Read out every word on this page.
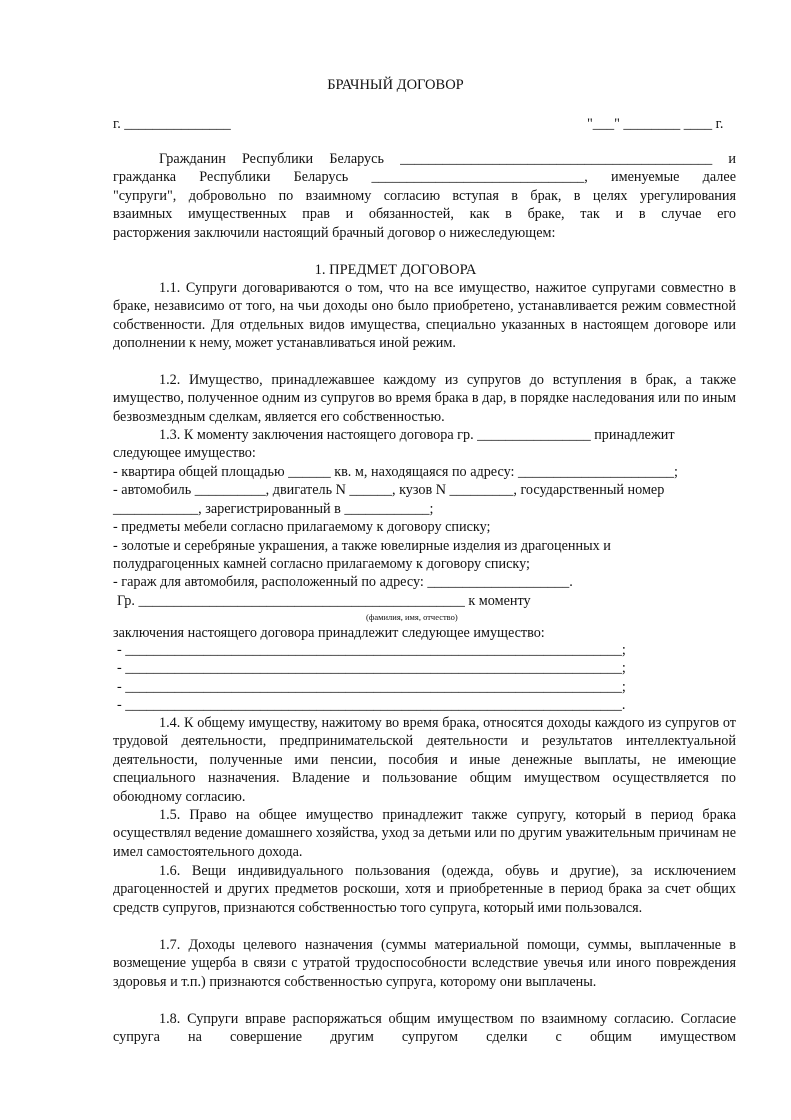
БРАЧНЫЙ ДОГОВОР
г. _______________	"___" ________ ____ г.

Гражданин Республики Беларусь ____________________________________________ и

гражданка Республики Беларусь ______________________________, именуемые далее

"супруги", добровольно по взаимному согласию вступая в брак, в целях урегулирования

взаимных имущественных прав и обязанностей, как в браке, так и в случае его

расторжения заключили настоящий брачный договор о нижеследующем:

1. ПРЕДМЕТ ДОГОВОРА

1.1. Супруги договариваются о том, что на все имущество, нажитое супругами совместно в браке, независимо от того, на чьи доходы оно было приобретено, устанавливается режим совместной собственности. Для отдельных видов имущества, специально указанных в настоящем договоре или дополнении к нему, может устанавливаться иной режим.

1.2. Имущество, принадлежавшее каждому из супругов до вступления в брак, а также имущество, полученное одним из супругов во время брака в дар, в порядке наследования или по иным безвозмездным сделкам, является его собственностью.

1.3. К моменту заключения настоящего договора гр. ________________ принадлежит

следующее имущество:

- квартира общей площадью ______ кв. м, находящаяся по адресу: ______________________;

- автомобиль __________, двигатель N ______, кузов N _________, государственный номер

____________, зарегистрированный в ____________;

- предметы мебели согласно прилагаемому к договору списку;

- золотые и серебряные украшения, а также ювелирные изделия из драгоценных и

полудрагоценных камней согласно прилагаемому к договору списку;

- гараж для автомобиля, расположенный по адресу: ____________________.

Гр. ______________________________________________ к моменту
(фамилия, имя, отчество)
заключения настоящего договора принадлежит следующее имущество:

- ______________________________________________________________________;

- ______________________________________________________________________;

- ______________________________________________________________________;

- ______________________________________________________________________.

1.4. К общему имуществу, нажитому во время брака, относятся доходы каждого из супругов от трудовой деятельности, предпринимательской деятельности и результатов интеллектуальной деятельности, полученные ими пенсии, пособия и иные денежные выплаты, не имеющие специального назначения. Владение и пользование общим имуществом осуществляется по обоюдному согласию.

1.5. Право на общее имущество принадлежит также супругу, который в период брака осуществлял ведение домашнего хозяйства, уход за детьми или по другим уважительным причинам не имел самостоятельного дохода.

1.6. Вещи индивидуального пользования (одежда, обувь и другие), за исключением драгоценностей и других предметов роскоши, хотя и приобретенные в период брака за счет общих средств супругов, признаются собственностью того супруга, который ими пользовался.

1.7. Доходы целевого назначения (суммы материальной помощи, суммы, выплаченные в возмещение ущерба в связи с утратой трудоспособности вследствие увечья или иного повреждения здоровья и т.п.) признаются собственностью супруга, которому они выплачены.

1.8. Супруги вправе распоряжаться общим имуществом по взаимному согласию. Согласие супруга на совершение другим супругом сделки с общим имуществом
